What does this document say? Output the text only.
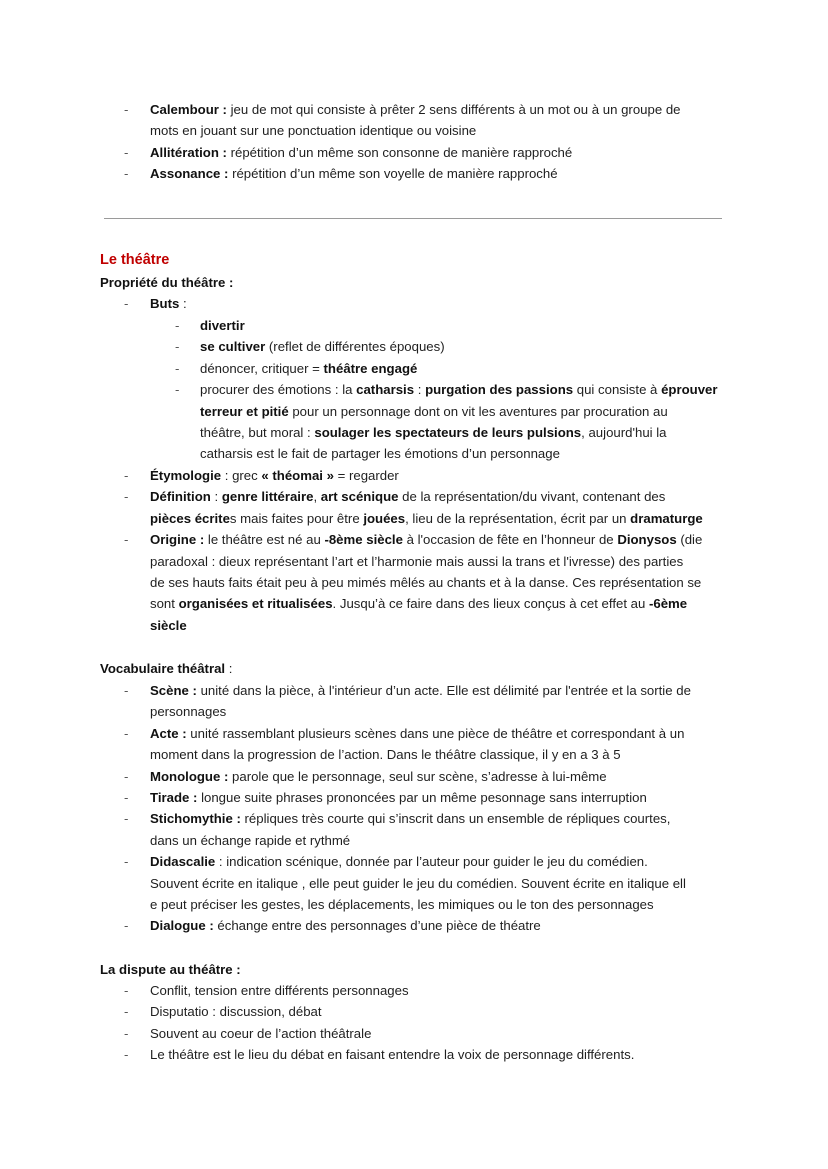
Le théâtre
Propriété du théâtre :
La dispute au théâtre :
-	Calembour : jeu de mot qui consiste à prêter 2 sens différents à un mot ou à un groupe de
mots en jouant sur une ponctuation identique ou voisine
-	Allitération : répétition d’un même son consonne de manière rapproché
-	Assonance : répétition d’un même son voyelle de manière rapproché
-	Buts :
-	divertir
-	se cultiver (reflet de différentes époques)
-	dénoncer, critiquer = théâtre engagé
-	procurer des émotions : la catharsis : purgation des passions qui consiste à éprouver
terreur et pitié pour un personnage dont on vit les aventures par procuration au
théâtre, but moral : soulager les spectateurs de leurs pulsions, aujourd'hui la
catharsis est le fait de partager les émotions d’un personnage
-	Étymologie : grec « théomai » = regarder
-	Définition : genre littéraire, art scénique de la représentation/du vivant, contenant des
pièces écrites mais faites pour être jouées, lieu de la représentation, écrit par un dramaturge
-	Origine : le théâtre est né au -8ème siècle à l'occasion de fête en l’honneur de Dionysos (die
paradoxal : dieux représentant l’art et l’harmonie mais aussi la trans et l'ivresse) des parties
de ses hauts faits était peu à peu mimés mêlés au chants et à la danse. Ces représentation se
sont organisées et ritualisées. Jusqu’à ce faire dans des lieux conçus à cet effet au -6ème
siècle
Vocabulaire théâtral :
-	Scène : unité dans la pièce, à l'intérieur d’un acte. Elle est délimité par l'entrée et la sortie de
personnages
-	Acte : unité rassemblant plusieurs scènes dans une pièce de théâtre et correspondant à un
moment dans la progression de l’action. Dans le théâtre classique, il y en a 3 à 5
-	Monologue : parole que le personnage, seul sur scène, s’adresse à lui-même
-	Tirade : longue suite phrases prononcées par un même pesonnage sans interruption
-	Stichomythie : répliques très courte qui s’inscrit dans un ensemble de répliques courtes,
dans un échange rapide et rythmé
-	Didascalie : indication scénique, donnée par l’auteur pour guider le jeu du comédien.
Souvent écrite en italique , elle peut guider le jeu du comédien. Souvent écrite en italique ell
e peut préciser les gestes, les déplacements, les mimiques ou le ton des personnages
-	Dialogue : échange entre des personnages d’une pièce de théatre
-	Conflit, tension entre différents personnages
-	Disputatio : discussion, débat
-	Souvent au coeur de l’action théâtrale
-	Le théâtre est le lieu du débat en faisant entendre la voix de personnage différents.
